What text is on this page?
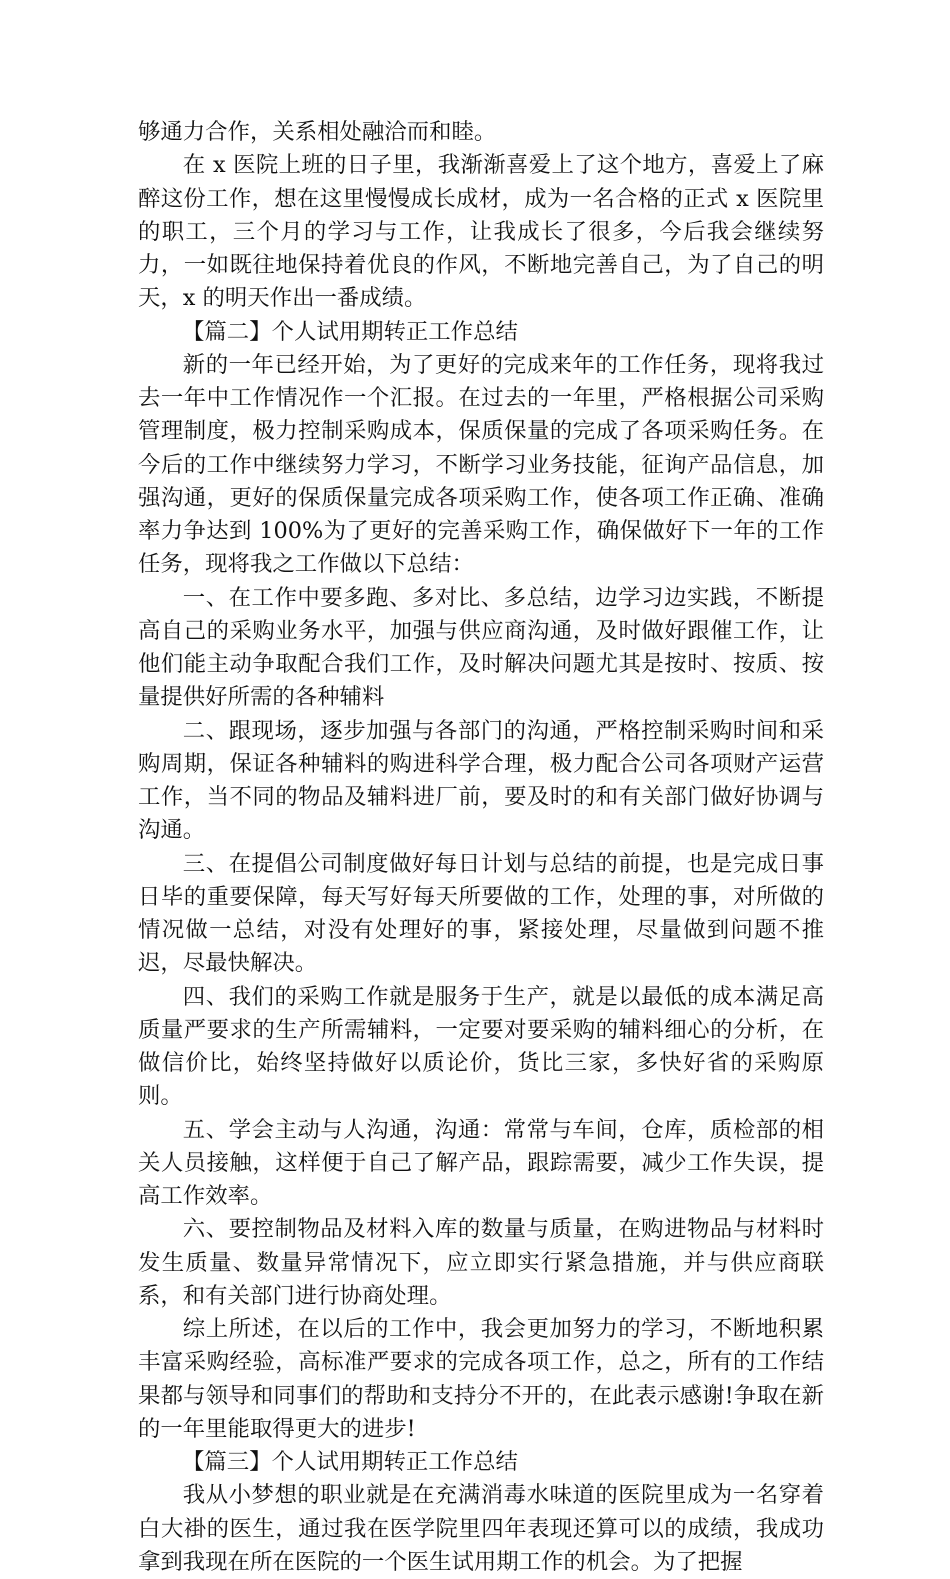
够通力合作，关系相处融洽而和睦。

在 x 医院上班的日子里，我渐渐喜爱上了这个地方，喜爱上了麻醉这份工作，想在这里慢慢成长成材，成为一名合格的正式 x 医院里的职工，三个月的学习与工作，让我成长了很多，今后我会继续努力，一如既往地保持着优良的作风，不断地完善自己，为了自己的明天，x 的明天作出一番成绩。

【篇二】个人试用期转正工作总结

新的一年已经开始，为了更好的完成来年的工作任务，现将我过去一年中工作情况作一个汇报。在过去的一年里，严格根据公司采购管理制度，极力控制采购成本，保质保量的完成了各项采购任务。在今后的工作中继续努力学习，不断学习业务技能，征询产品信息，加强沟通，更好的保质保量完成各项采购工作，使各项工作正确、准确率力争达到 100%为了更好的完善采购工作，确保做好下一年的工作任务，现将我之工作做以下总结：

一、在工作中要多跑、多对比、多总结，边学习边实践，不断提高自己的采购业务水平，加强与供应商沟通，及时做好跟催工作，让他们能主动争取配合我们工作，及时解决问题尤其是按时、按质、按量提供好所需的各种辅料

二、跟现场，逐步加强与各部门的沟通，严格控制采购时间和采购周期，保证各种辅料的购进科学合理，极力配合公司各项财产运营工作，当不同的物品及辅料进厂前，要及时的和有关部门做好协调与沟通。

三、在提倡公司制度做好每日计划与总结的前提，也是完成日事日毕的重要保障，每天写好每天所要做的工作，处理的事，对所做的情况做一总结，对没有处理好的事，紧接处理，尽量做到问题不推迟，尽最快解决。

四、我们的采购工作就是服务于生产，就是以最低的成本满足高质量严要求的生产所需辅料，一定要对要采购的辅料细心的分析，在做信价比，始终坚持做好以质论价，货比三家，多快好省的采购原则。

五、学会主动与人沟通，沟通：常常与车间，仓库，质检部的相关人员接触，这样便于自己了解产品，跟踪需要，减少工作失误，提高工作效率。

六、要控制物品及材料入库的数量与质量，在购进物品与材料时发生质量、数量异常情况下，应立即实行紧急措施，并与供应商联系，和有关部门进行协商处理。

综上所述，在以后的工作中，我会更加努力的学习，不断地积累丰富采购经验，高标准严要求的完成各项工作，总之，所有的工作结果都与领导和同事们的帮助和支持分不开的，在此表示感谢!争取在新的一年里能取得更大的进步!

【篇三】个人试用期转正工作总结

我从小梦想的职业就是在充满消毒水味道的医院里成为一名穿着白大褂的医生，通过我在医学院里四年表现还算可以的成绩，我成功拿到我现在所在医院的一个医生试用期工作的机会。为了把握
